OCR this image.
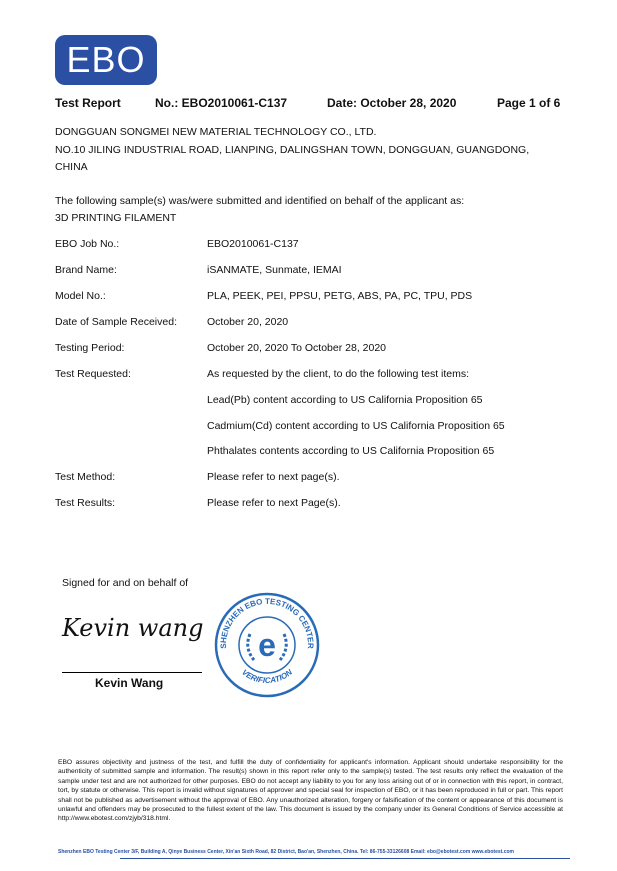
EBO
Test Report	No.: EBO2010061-C137	Date: October 28, 2020	Page 1 of 6
DONGGUAN SONGMEI NEW MATERIAL TECHNOLOGY CO., LTD.
NO.10 JILING INDUSTRIAL ROAD, LIANPING, DALINGSHAN TOWN, DONGGUAN, GUANGDONG,
CHINA
The following sample(s) was/were submitted and identified on behalf of the applicant as:
3D PRINTING FILAMENT
EBO Job No.:	EBO2010061-C137
Brand Name:	iSANMATE, Sunmate, IEMAI
Model No.:	PLA, PEEK, PEI, PPSU, PETG, ABS, PA, PC, TPU, PDS
Date of Sample Received:	October 20, 2020
Testing Period:	October 20, 2020 To October 28, 2020
Test Requested:	As requested by the client, to do the following test items:
Lead(Pb) content according to US California Proposition 65
Cadmium(Cd) content according to US California Proposition 65
Phthalates contents according to US California Proposition 65
Test Method:	Please refer to next page(s).
Test Results:	Please refer to next Page(s).
Signed for and on behalf of
Kevin wang
Kevin Wang
SHENZHEN EBO TESTING CENTER
VERIFICATION
e
EBO assures objectivity and justness of the test, and fulfill the duty of confidentiality for applicant's information. Applicant should undertake responsibility for the authenticity of submitted sample and information. The result(s) shown in this report refer only to the sample(s) tested. The test results only reflect the evaluation of the sample under test and are not authorized for other purposes. EBO do not accept any liability to you for any loss arising out of or in connection with this report, in contract, tort, by statute or otherwise. This report is invalid without signatures of approver and special seal for inspection of EBO, or it has been reproduced in full or part. This report shall not be published as advertisement without the approval of EBO. Any unauthorized alteration, forgery or falsification of the content or appearance of this document is unlawful and offenders may be prosecuted to the fullest extent of the law. This document is issued by the company under its General Conditions of Service accessible at http://www.ebotest.com/zjyb/318.html.
Shenzhen EBO Testing Center 3/F, Building A, Qinye Business Center, Xin'an Sixth Road, 82 District, Bao'an, Shenzhen, China. Tel: 86-755-33126608 Email: ebo@ebotest.com www.ebotest.com
